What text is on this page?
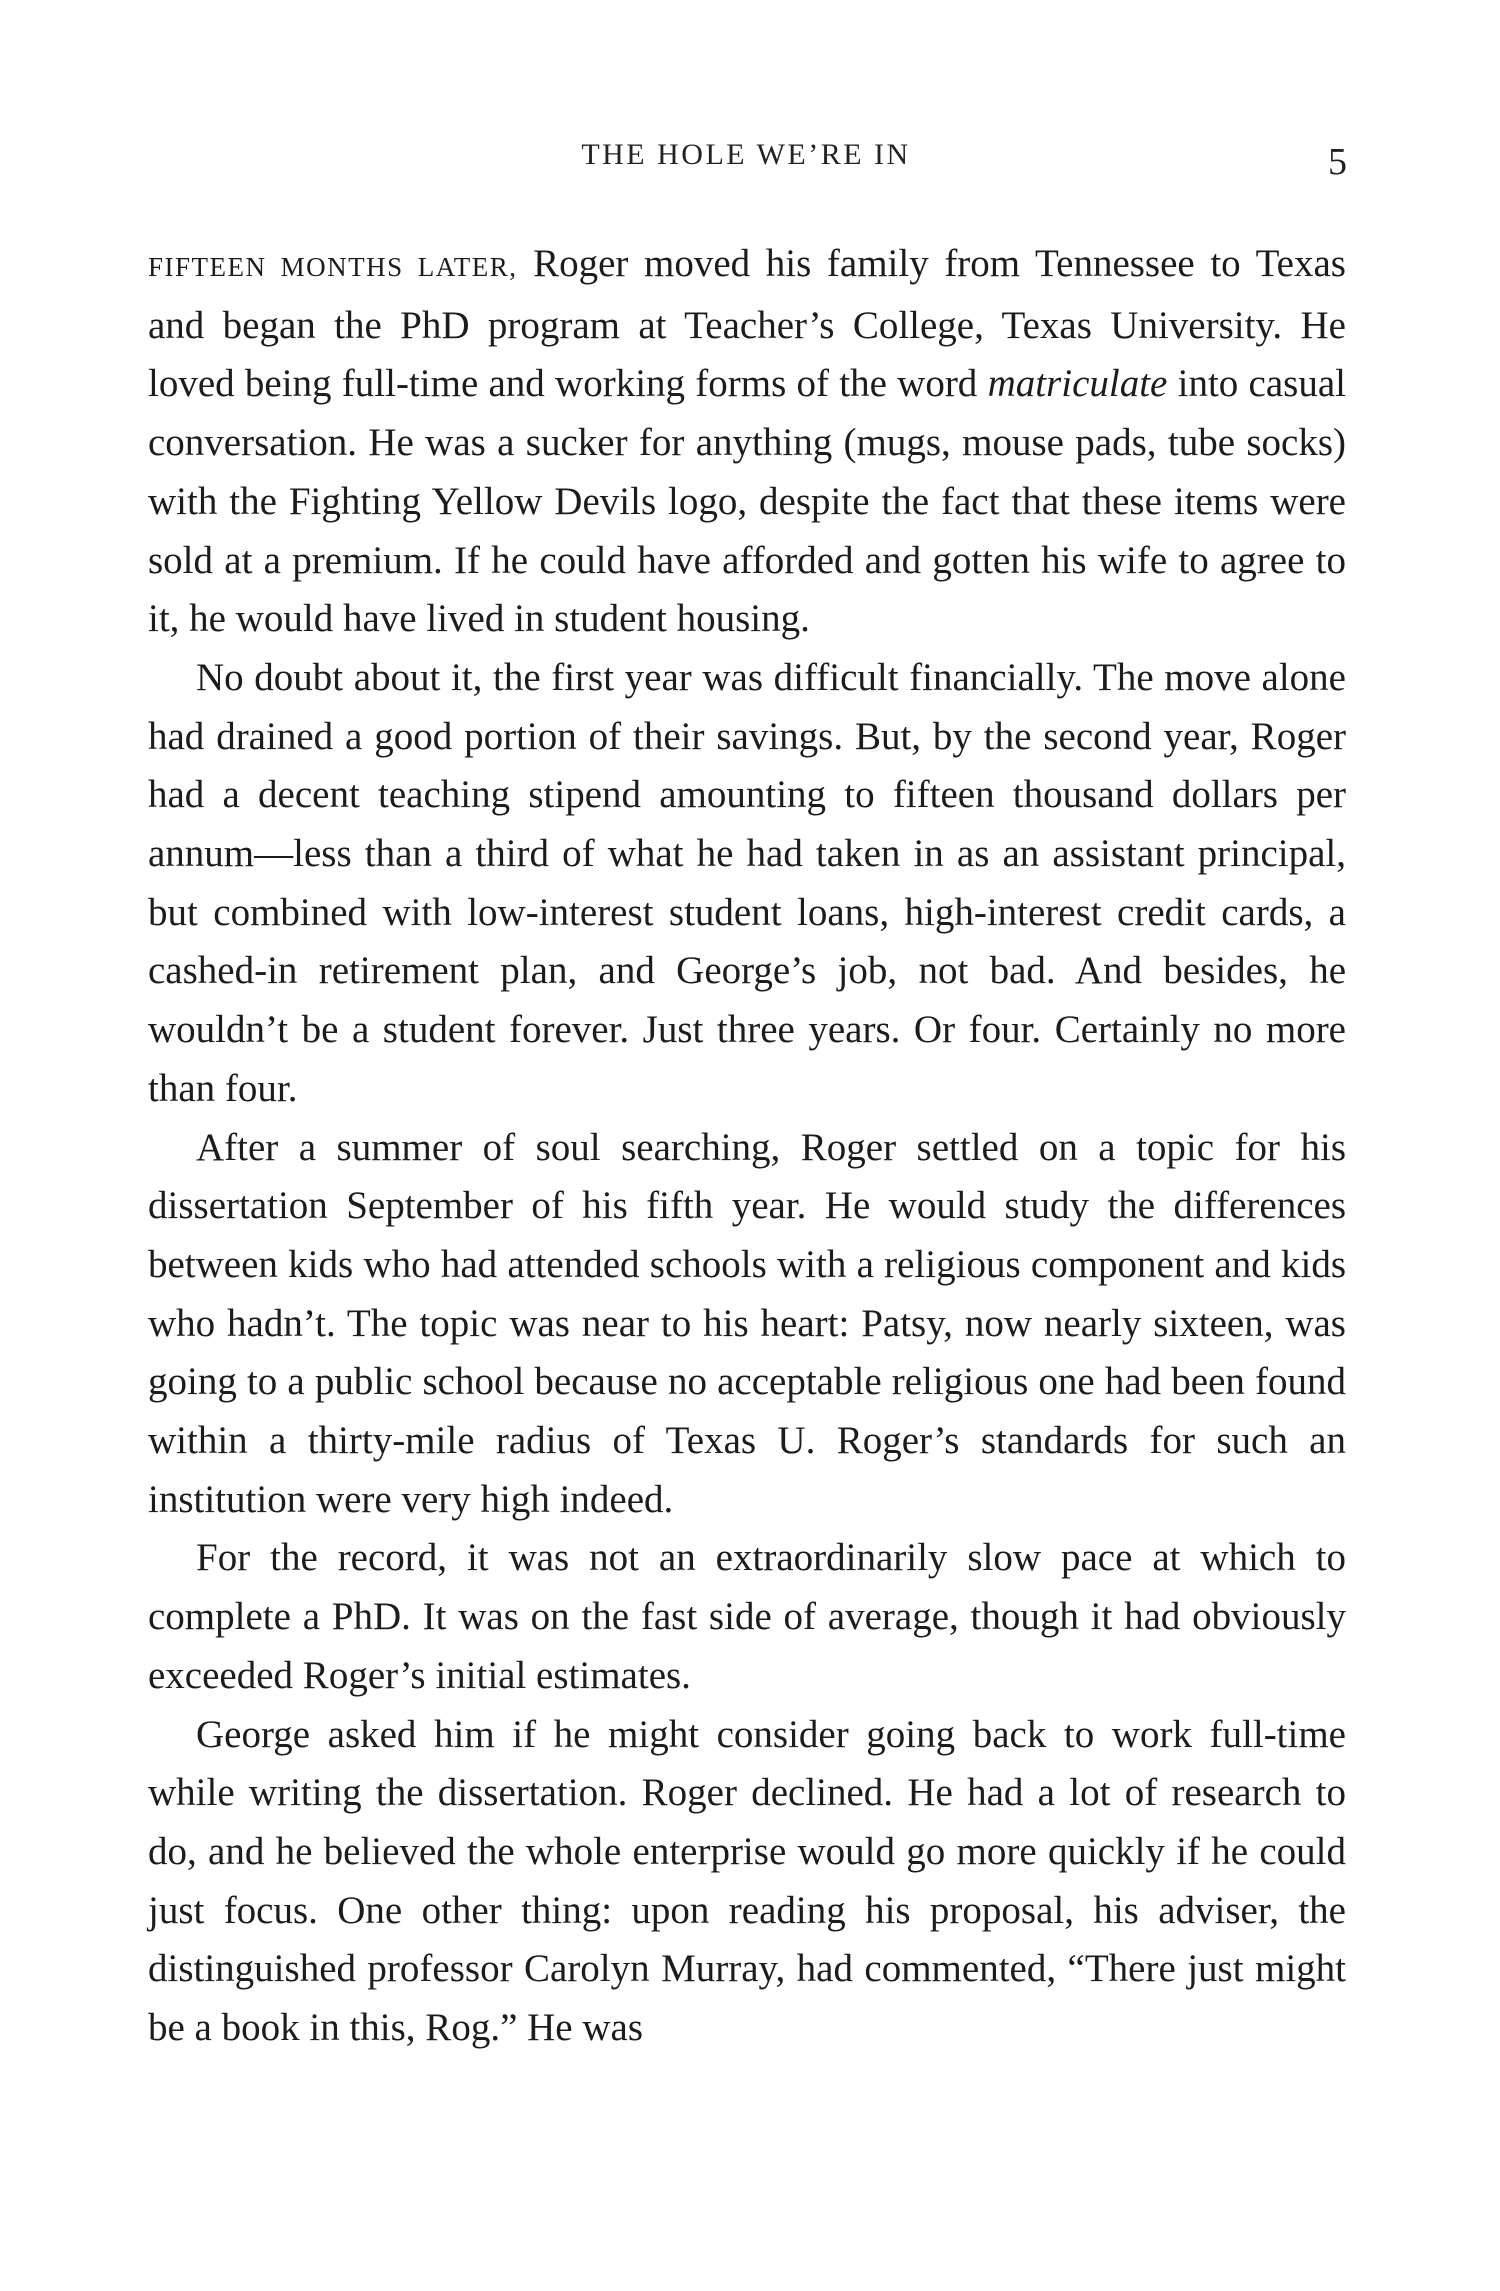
THE HOLE WE’RE IN	5

FIFTEEN MONTHS LATER, Roger moved his family from Tennessee to Texas and began the PhD program at Teacher’s College, Texas University. He loved being full-time and working forms of the word matriculate into casual conversation. He was a sucker for anything (mugs, mouse pads, tube socks) with the Fighting Yellow Devils logo, despite the fact that these items were sold at a premium. If he could have afforded and gotten his wife to agree to it, he would have lived in student housing.

No doubt about it, the first year was difficult financially. The move alone had drained a good portion of their savings. But, by the second year, Roger had a decent teaching stipend amounting to fifteen thousand dollars per annum—less than a third of what he had taken in as an assistant principal, but combined with low-interest student loans, high-interest credit cards, a cashed-in retirement plan, and George’s job, not bad. And besides, he wouldn’t be a student forever. Just three years. Or four. Certainly no more than four.

After a summer of soul searching, Roger settled on a topic for his dissertation September of his fifth year. He would study the differences between kids who had attended schools with a religious component and kids who hadn’t. The topic was near to his heart: Patsy, now nearly sixteen, was going to a public school because no acceptable religious one had been found within a thirty-mile radius of Texas U. Roger’s standards for such an institution were very high indeed.

For the record, it was not an extraordinarily slow pace at which to complete a PhD. It was on the fast side of average, though it had obviously exceeded Roger’s initial estimates.

George asked him if he might consider going back to work full-time while writing the dissertation. Roger declined. He had a lot of research to do, and he believed the whole enterprise would go more quickly if he could just focus. One other thing: upon reading his proposal, his adviser, the distinguished professor Carolyn Murray, had commented, “There just might be a book in this, Rog.” He was
